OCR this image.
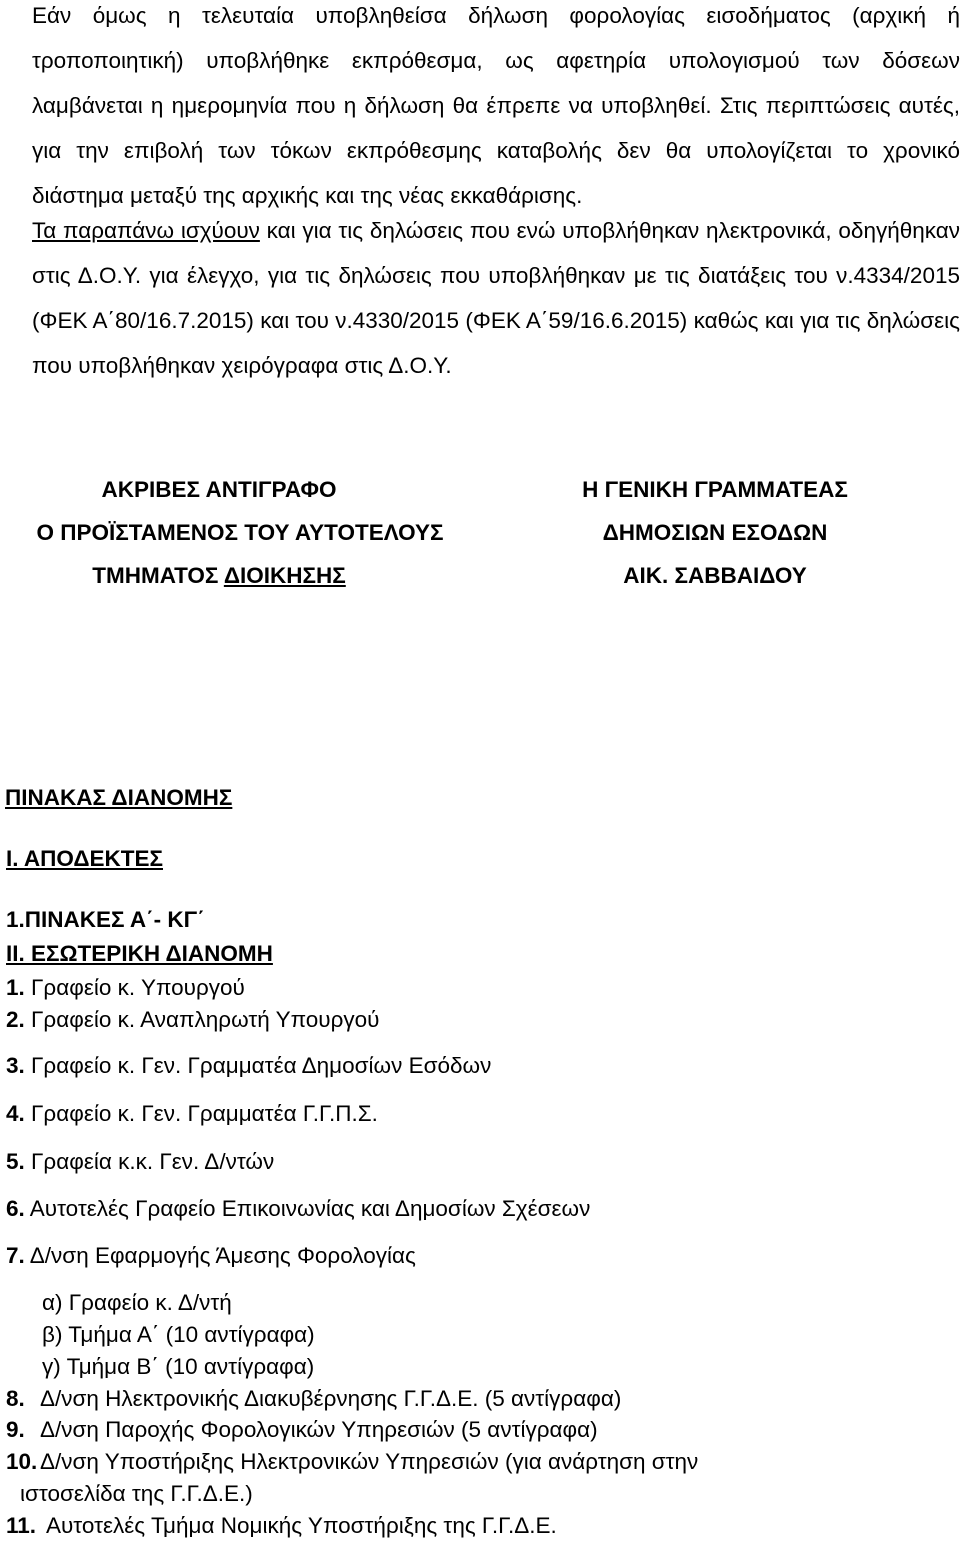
Εάν όμως η τελευταία υποβληθείσα δήλωση φορολογίας εισοδήματος (αρχική ή τροποποιητική) υποβλήθηκε εκπρόθεσμα, ως αφετηρία υπολογισμού των δόσεων λαμβάνεται η ημερομηνία που η δήλωση θα έπρεπε να υποβληθεί. Στις περιπτώσεις αυτές, για την επιβολή των τόκων εκπρόθεσμης καταβολής δεν θα υπολογίζεται το χρονικό διάστημα μεταξύ της αρχικής και της νέας εκκαθάρισης.

Τα παραπάνω ισχύουν και για τις δηλώσεις που ενώ υποβλήθηκαν ηλεκτρονικά, οδηγήθηκαν στις Δ.Ο.Υ. για έλεγχο, για τις δηλώσεις που υποβλήθηκαν με τις διατάξεις του ν.4334/2015 (ΦΕΚ Α΄80/16.7.2015) και του ν.4330/2015 (ΦΕΚ Α΄59/16.6.2015) καθώς και για τις δηλώσεις που υποβλήθηκαν χειρόγραφα στις Δ.Ο.Υ.

ΑΚΡΙΒΕΣ ΑΝΤΙΓΡΑΦΟ
Ο ΠΡΟΪΣΤΑΜΕΝΟΣ ΤΟΥ ΑΥΤΟΤΕΛΟΥΣ
ΤΜΗΜΑΤΟΣ ΔΙΟΙΚΗΣΗΣ
Η ΓΕΝΙΚΗ ΓΡΑΜΜΑΤΕΑΣ
ΔΗΜΟΣΙΩΝ ΕΣΟΔΩΝ
ΑΙΚ. ΣΑΒΒΑΙΔΟΥ
ΠΙΝΑΚΑΣ ΔΙΑΝΟΜΗΣ
Ι. ΑΠΟΔΕΚΤΕΣ
1.ΠΙΝΑΚΕΣ Α΄- ΚΓ΄
ΙΙ. ΕΣΩΤΕΡΙΚΗ ΔΙΑΝΟΜΗ
1. Γραφείο κ. Υπουργού
2. Γραφείο κ. Αναπληρωτή Υπουργού
3. Γραφείο κ. Γεν. Γραμματέα Δημοσίων Εσόδων
4. Γραφείο κ. Γεν. Γραμματέα Γ.Γ.Π.Σ.
5. Γραφεία κ.κ. Γεν. Δ/ντών
6. Αυτοτελές Γραφείο Επικοινωνίας και Δημοσίων Σχέσεων
7. Δ/νση Εφαρμογής Άμεσης Φορολογίας
α) Γραφείο κ. Δ/ντή
β) Τμήμα Α΄ (10 αντίγραφα)
γ) Τμήμα Β΄ (10 αντίγραφα)
8. Δ/νση Ηλεκτρονικής Διακυβέρνησης Γ.Γ.Δ.Ε. (5 αντίγραφα)
9. Δ/νση Παροχής Φορολογικών Υπηρεσιών (5 αντίγραφα)
10. Δ/νση Υποστήριξης Ηλεκτρονικών Υπηρεσιών (για ανάρτηση στην
ιστοσελίδα της Γ.Γ.Δ.Ε.)
11. Αυτοτελές Τμήμα Νομικής Υποστήριξης της Γ.Γ.Δ.Ε.
